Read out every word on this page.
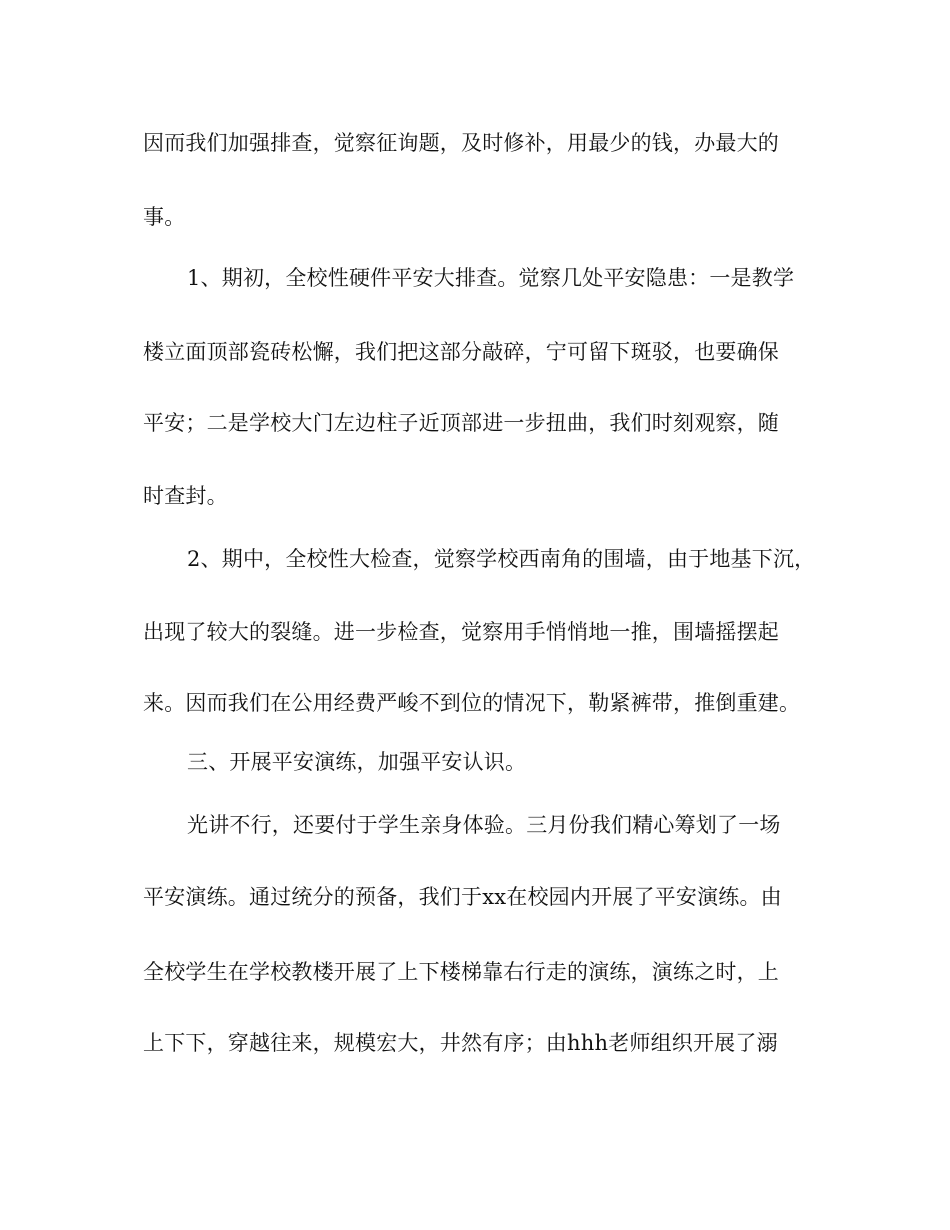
因而我们加强排查，觉察征询题，及时修补，用最少的钱，办最大的

事。

1、期初，全校性硬件平安大排查。觉察几处平安隐患：一是教学

楼立面顶部瓷砖松懈，我们把这部分敲碎，宁可留下斑驳，也要确保

平安；二是学校大门左边柱子近顶部进一步扭曲，我们时刻观察，随

时查封。

2、期中，全校性大检查，觉察学校西南角的围墙，由于地基下沉，

出现了较大的裂缝。进一步检查，觉察用手悄悄地一推，围墙摇摆起

来。因而我们在公用经费严峻不到位的情况下，勒紧裤带，推倒重建。

三、开展平安演练，加强平安认识。

光讲不行，还要付于学生亲身体验。三月份我们精心筹划了一场

平安演练。通过统分的预备，我们于xx在校园内开展了平安演练。由

全校学生在学校教楼开展了上下楼梯靠右行走的演练，演练之时，上

上下下，穿越往来，规模宏大，井然有序；由hhh老师组织开展了溺
